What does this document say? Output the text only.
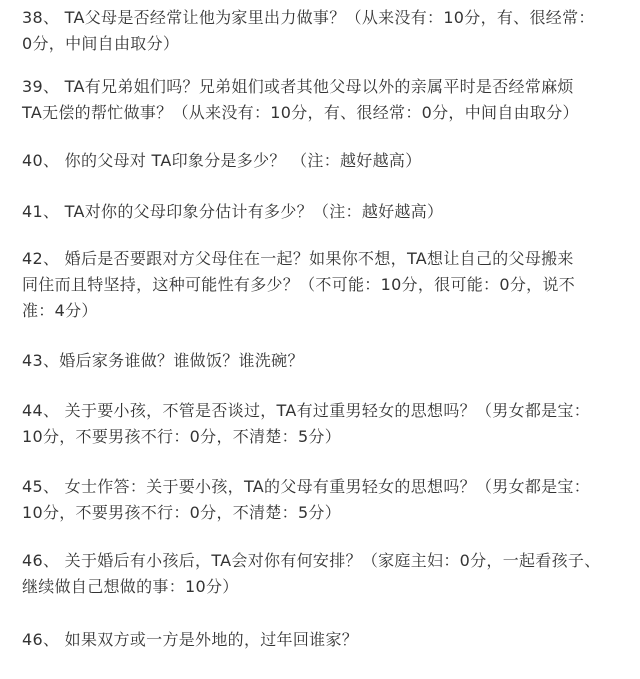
38、 TA父母是否经常让他为家里出力做事？（从来没有：10分，有、很经常：
0分，中间自由取分）
39、 TA有兄弟姐们吗？兄弟姐们或者其他父母以外的亲属平时是否经常麻烦
TA无偿的帮忙做事？（从来没有：10分，有、很经常：0分，中间自由取分）
40、 你的父母对 TA印象分是多少？ （注：越好越高）
41、 TA对你的父母印象分估计有多少？（注：越好越高）
42、 婚后是否要跟对方父母住在一起？如果你不想，TA想让自己的父母搬来
同住而且特坚持，这种可能性有多少？（不可能：10分，很可能：0分，说不
准：4分）
43、婚后家务谁做？谁做饭？谁洗碗？
44、 关于要小孩，不管是否谈过，TA有过重男轻女的思想吗？（男女都是宝：
10分，不要男孩不行：0分，不清楚：5分）
45、 女士作答：关于要小孩，TA的父母有重男轻女的思想吗？（男女都是宝：
10分，不要男孩不行：0分，不清楚：5分）
46、 关于婚后有小孩后，TA会对你有何安排？（家庭主妇：0分，一起看孩子、
继续做自己想做的事：10分）
46、 如果双方或一方是外地的，过年回谁家？
